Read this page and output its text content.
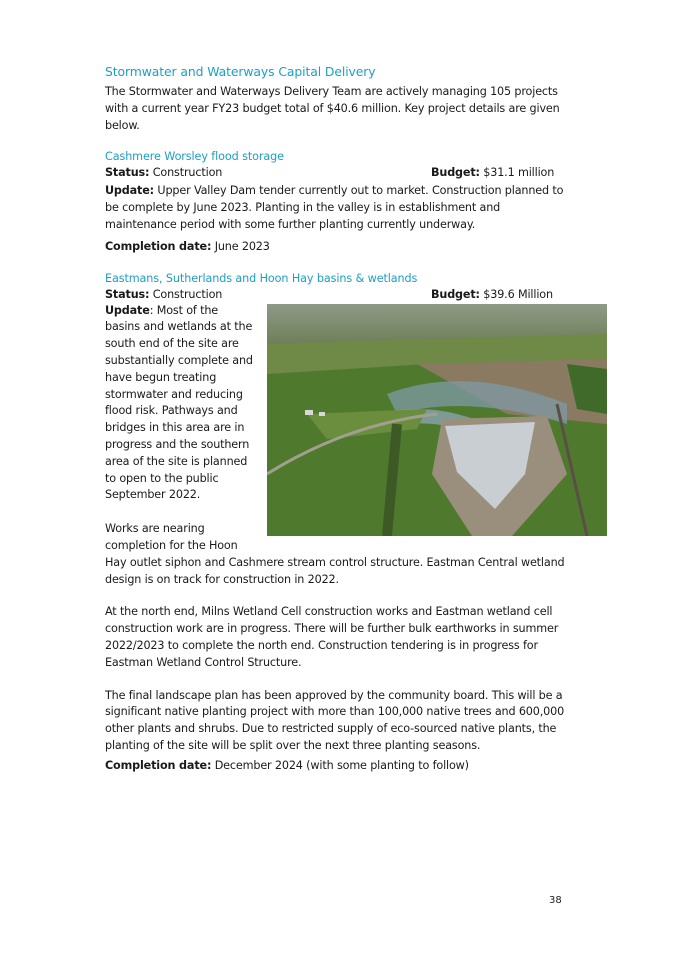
Stormwater and Waterways Capital Delivery

The Stormwater and Waterways Delivery Team are actively managing 105 projects with a current year FY23 budget total of $40.6 million. Key project details are given below.

Cashmere Worsley flood storage
Status: Construction	Budget: $31.1 million

Update: Upper Valley Dam tender currently out to market. Construction planned to be complete by June 2023. Planting in the valley is in establishment and maintenance period with some further planting currently underway.

Completion date: June 2023

Eastmans, Sutherlands and Hoon Hay basins & wetlands
Status: Construction	Budget: $39.6 Million

Update: Most of the basins and wetlands at the south end of the site are substantially complete and have begun treating stormwater and reducing flood risk. Pathways and bridges in this area are in progress and the southern area of the site is planned to open to the public September 2022.

Works are nearing completion for the Hoon Hay outlet siphon and Cashmere stream control structure. Eastman Central wetland design is on track for construction in 2022.

At the north end, Milns Wetland Cell construction works and Eastman wetland cell construction work are in progress. There will be further bulk earthworks in summer 2022/2023 to complete the north end. Construction tendering is in progress for Eastman Wetland Control Structure.

The final landscape plan has been approved by the community board. This will be a significant native planting project with more than 100,000 native trees and 600,000 other plants and shrubs. Due to restricted supply of eco-sourced native plants, the planting of the site will be split over the next three planting seasons.

Completion date: December 2024 (with some planting to follow)

38
